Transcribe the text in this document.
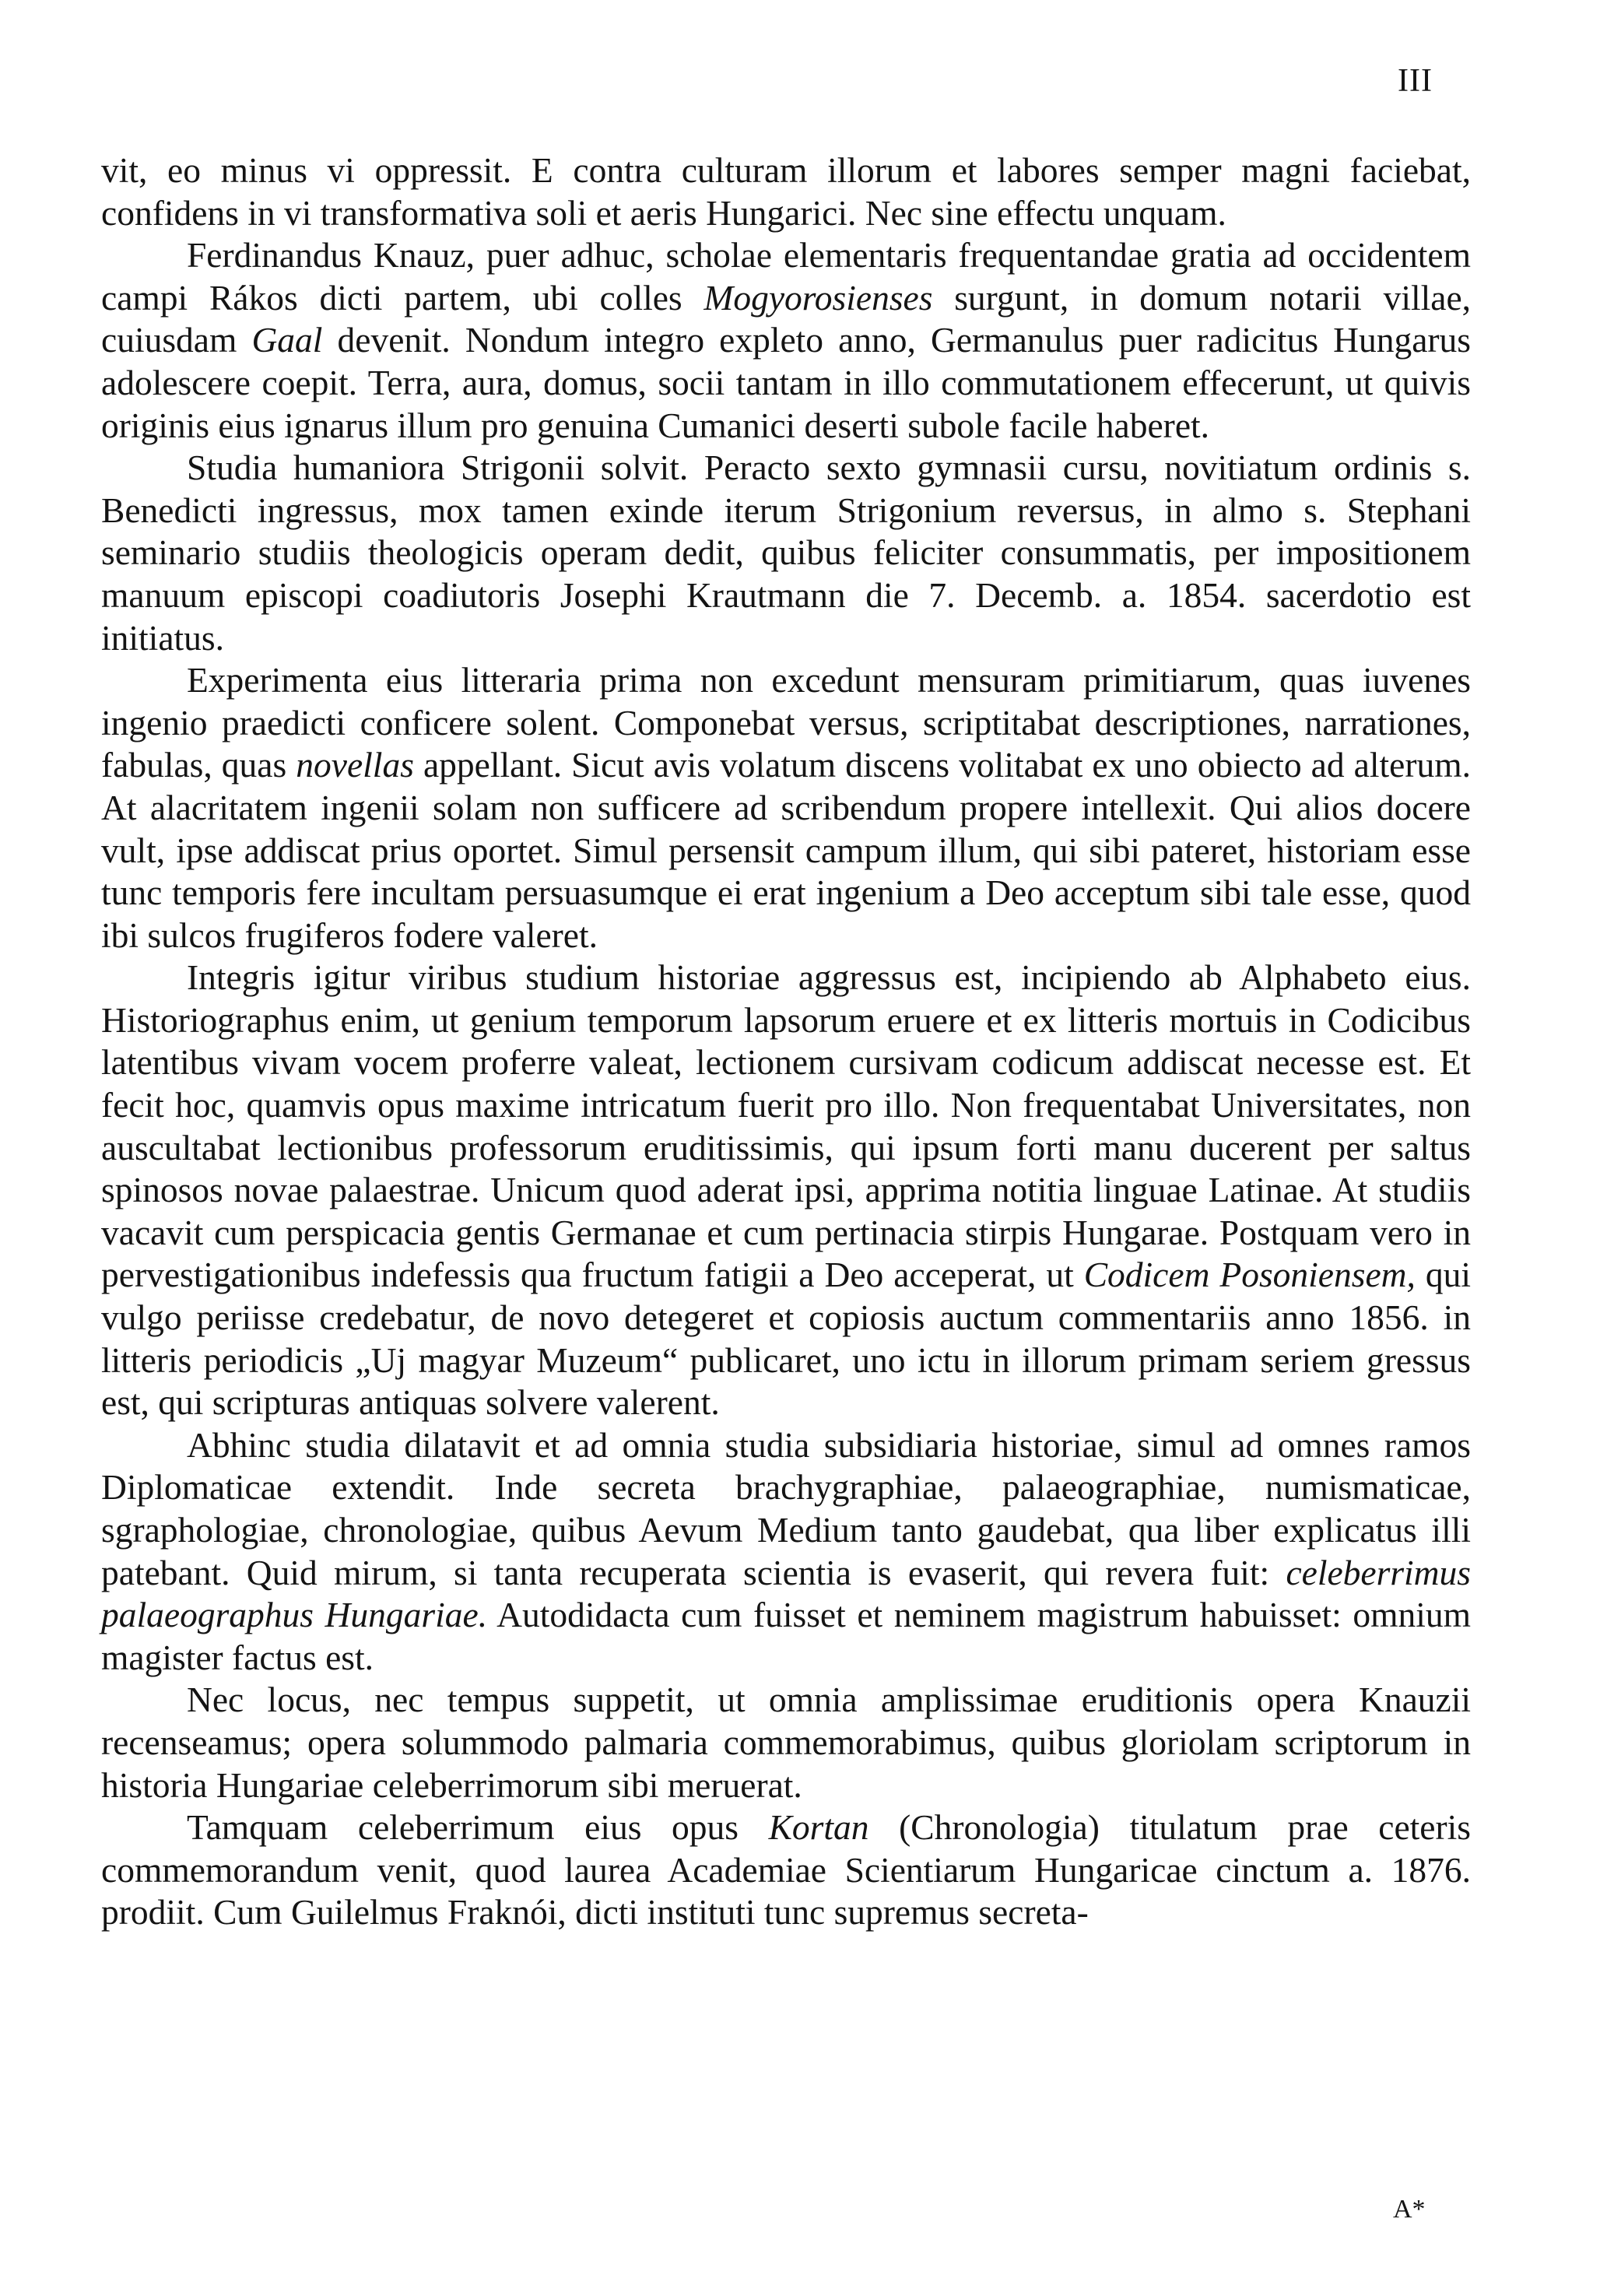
III

vit, eo minus vi oppressit. E contra culturam illorum et labores semper magni faciebat, confidens in vi transformativa soli et aeris Hungarici. Nec sine effectu unquam.

Ferdinandus Knauz, puer adhuc, scholae elementaris frequentandae gratia ad occidentem campi Rákos dicti partem, ubi colles Mogyorosienses surgunt, in domum notarii villae, cuiusdam Gaal devenit. Nondum integro expleto anno, Germanulus puer radicitus Hungarus adolescere coepit. Terra, aura, domus, socii tantam in illo commutationem effecerunt, ut quivis originis eius ignarus illum pro genuina Cumanici deserti subole facile haberet.

Studia humaniora Strigonii solvit. Peracto sexto gymnasii cursu, novitiatum ordinis s. Benedicti ingressus, mox tamen exinde iterum Strigonium reversus, in almo s. Stephani seminario studiis theologicis operam dedit, quibus feliciter consummatis, per impositionem manuum episcopi coadiutoris Josephi Krautmann die 7. Decemb. a. 1854. sacerdotio est initiatus.

Experimenta eius litteraria prima non excedunt mensuram primitiarum, quas iuvenes ingenio praedicti conficere solent. Componebat versus, scriptitabat descriptiones, narrationes, fabulas, quas novellas appellant. Sicut avis volatum discens volitabat ex uno obiecto ad alterum. At alacritatem ingenii solam non sufficere ad scribendum propere intellexit. Qui alios docere vult, ipse addiscat prius oportet. Simul persensit campum illum, qui sibi pateret, historiam esse tunc temporis fere incultam persuasumque ei erat ingenium a Deo acceptum sibi tale esse, quod ibi sulcos frugiferos fodere valeret.

Integris igitur viribus studium historiae aggressus est, incipiendo ab Alphabeto eius. Historiographus enim, ut genium temporum lapsorum eruere et ex litteris mortuis in Codicibus latentibus vivam vocem proferre valeat, lectionem cursivam codicum addiscat necesse est. Et fecit hoc, quamvis opus maxime intricatum fuerit pro illo. Non frequentabat Universitates, non auscultabat lectionibus professorum eruditissimis, qui ipsum forti manu ducerent per saltus spinosos novae palaestrae. Unicum quod aderat ipsi, apprima notitia linguae Latinae. At studiis vacavit cum perspicacia gentis Germanae et cum pertinacia stirpis Hungarae. Postquam vero in pervestigationibus indefessis qua fructum fatigii a Deo acceperat, ut Codicem Posoniensem, qui vulgo periisse credebatur, de novo detegeret et copiosis auctum commentariis anno 1856. in litteris periodicis „Uj magyar Muzeum“ publicaret, uno ictu in illorum primam seriem gressus est, qui scripturas antiquas solvere valerent.

Abhinc studia dilatavit et ad omnia studia subsidiaria historiae, simul ad omnes ramos Diplomaticae extendit. Inde secreta brachygraphiae, palaeographiae, numismaticae, sgraphologiae, chronologiae, quibus Aevum Medium tanto gaudebat, qua liber explicatus illi patebant. Quid mirum, si tanta recuperata scientia is evaserit, qui revera fuit: celeberrimus palaeographus Hungariae. Autodidacta cum fuisset et neminem magistrum habuisset: omnium magister factus est.

Nec locus, nec tempus suppetit, ut omnia amplissimae eruditionis opera Knauzii recenseamus; opera solummodo palmaria commemorabimus, quibus gloriolam scriptorum in historia Hungariae celeberrimorum sibi meruerat.

Tamquam celeberrimum eius opus Kortan (Chronologia) titulatum prae ceteris commemorandum venit, quod laurea Academiae Scientiarum Hungaricae cinctum a. 1876. prodiit. Cum Guilelmus Fraknói, dicti instituti tunc supremus secreta-

A*
